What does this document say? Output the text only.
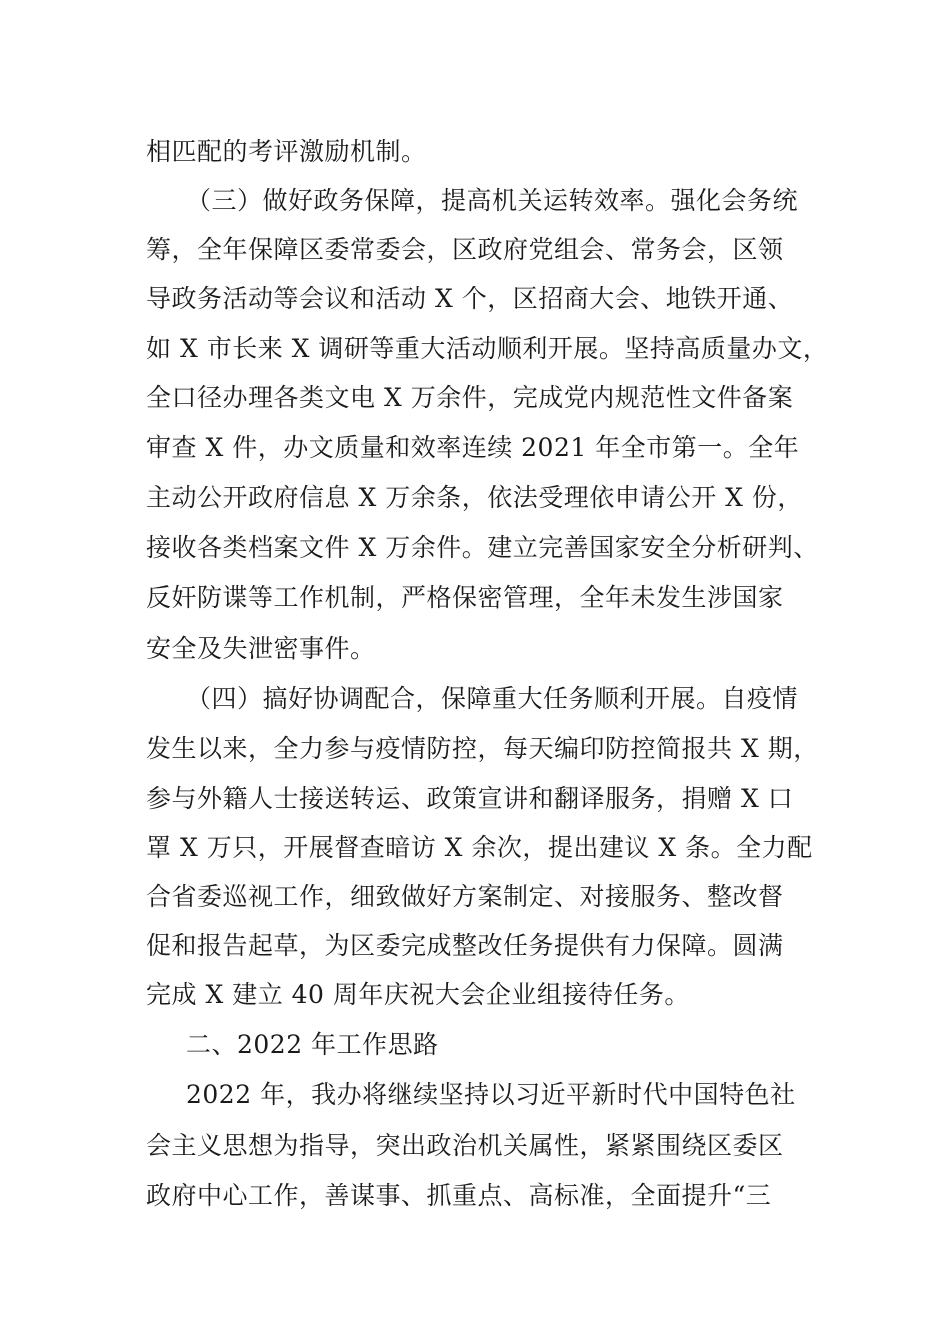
相匹配的考评激励机制。
（三）做好政务保障，提高机关运转效率。强化会务统
筹，全年保障区委常委会，区政府党组会、常务会，区领
导政务活动等会议和活动 X 个，区招商大会、地铁开通、
如 X 市长来 X 调研等重大活动顺利开展。坚持高质量办文，
全口径办理各类文电 X 万余件，完成党内规范性文件备案
审查 X 件，办文质量和效率连续 2021 年全市第一。全年
主动公开政府信息 X 万余条，依法受理依申请公开 X 份，
接收各类档案文件 X 万余件。建立完善国家安全分析研判、
反奸防谍等工作机制，严格保密管理，全年未发生涉国家
安全及失泄密事件。
（四）搞好协调配合，保障重大任务顺利开展。自疫情
发生以来，全力参与疫情防控，每天编印防控简报共 X 期，
参与外籍人士接送转运、政策宣讲和翻译服务，捐赠 X 口
罩 X 万只，开展督查暗访 X 余次，提出建议 X 条。全力配
合省委巡视工作，细致做好方案制定、对接服务、整改督
促和报告起草，为区委完成整改任务提供有力保障。圆满
完成 X 建立 40 周年庆祝大会企业组接待任务。
二、2022 年工作思路
2022 年，我办将继续坚持以习近平新时代中国特色社
会主义思想为指导，突出政治机关属性，紧紧围绕区委区
政府中心工作，善谋事、抓重点、高标准，全面提升“三
